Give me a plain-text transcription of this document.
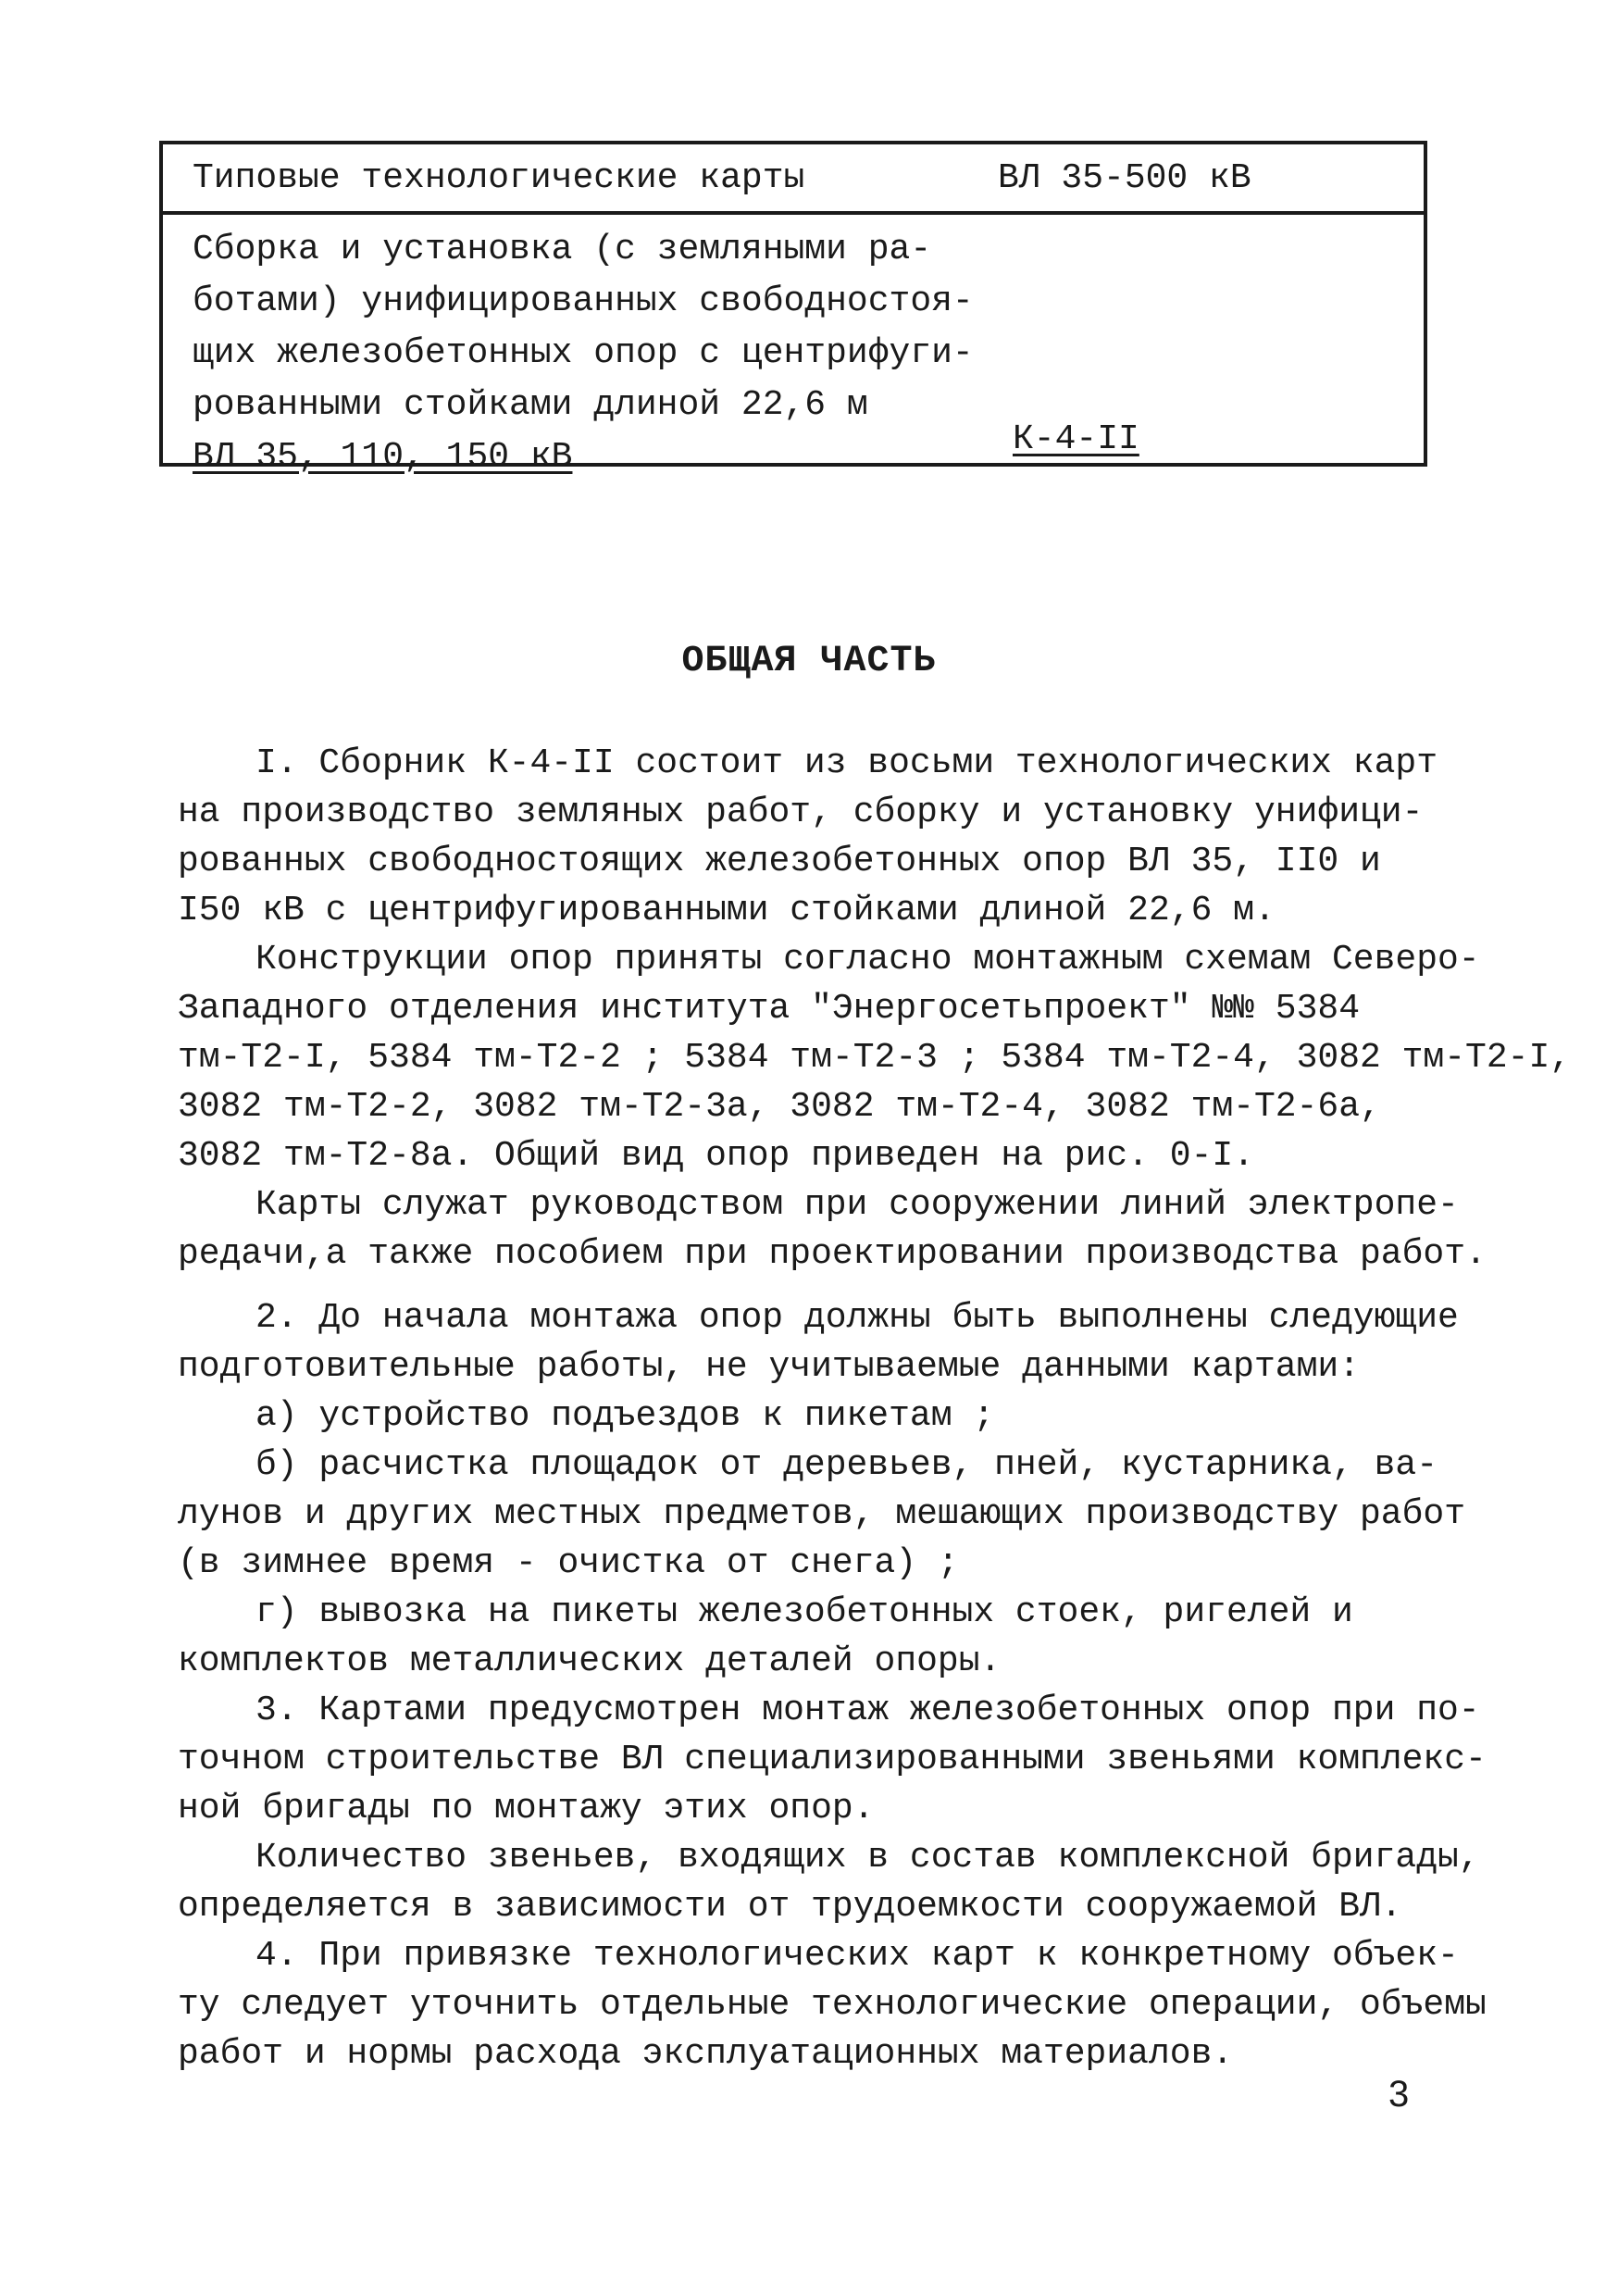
Типовые технологические карты	ВЛ 35-500 кВ
Сборка и установка (с земляными ра-
ботами) унифицированных свободностоя-
щих железобетонных опор с центрифуги-
рованными стойками длиной 22,6 м
ВЛ 35, 110, 150 кВ	К-4-II
ОБЩАЯ ЧАСТЬ
I. Сборник К-4-II состоит из восьми технологических карт
на производство земляных работ, сборку и установку унифици-
рованных свободностоящих железобетонных опор ВЛ 35, II0 и
I50 кВ с центрифугированными стойками длиной 22,6 м.
Конструкции опор приняты согласно монтажным схемам Северо-
Западного отделения института "Энергосетьпроект" №№ 5384
тм-Т2-I, 5384 тм-Т2-2 ; 5384 тм-Т2-3 ; 5384 тм-Т2-4, 3082 тм-Т2-I,
3082 тм-Т2-2, 3082 тм-Т2-3а, 3082 тм-Т2-4, 3082 тм-Т2-6а,
3082 тм-Т2-8а. Общий вид опор приведен на рис. 0-I.
Карты служат руководством при сооружении линий электропе-
редачи,а также пособием при проектировании производства работ.
2. До начала монтажа опор должны быть выполнены следующие
подготовительные работы, не учитываемые данными картами:
а) устройство подъездов к пикетам ;
б) расчистка площадок от деревьев, пней, кустарника, ва-
лунов и других местных предметов, мешающих производству работ
(в зимнее время - очистка от снега) ;
г) вывозка на пикеты железобетонных стоек, ригелей и
комплектов металлических деталей опоры.
3. Картами предусмотрен монтаж железобетонных опор при по-
точном строительстве ВЛ специализированными звеньями комплекс-
ной бригады по монтажу этих опор.
Количество звеньев, входящих в состав комплексной бригады,
определяется в зависимости от трудоемкости сооружаемой ВЛ.
4. При привязке технологических карт к конкретному объек-
ту следует уточнить отдельные технологические операции, объемы
работ и нормы расхода эксплуатационных материалов.
3
